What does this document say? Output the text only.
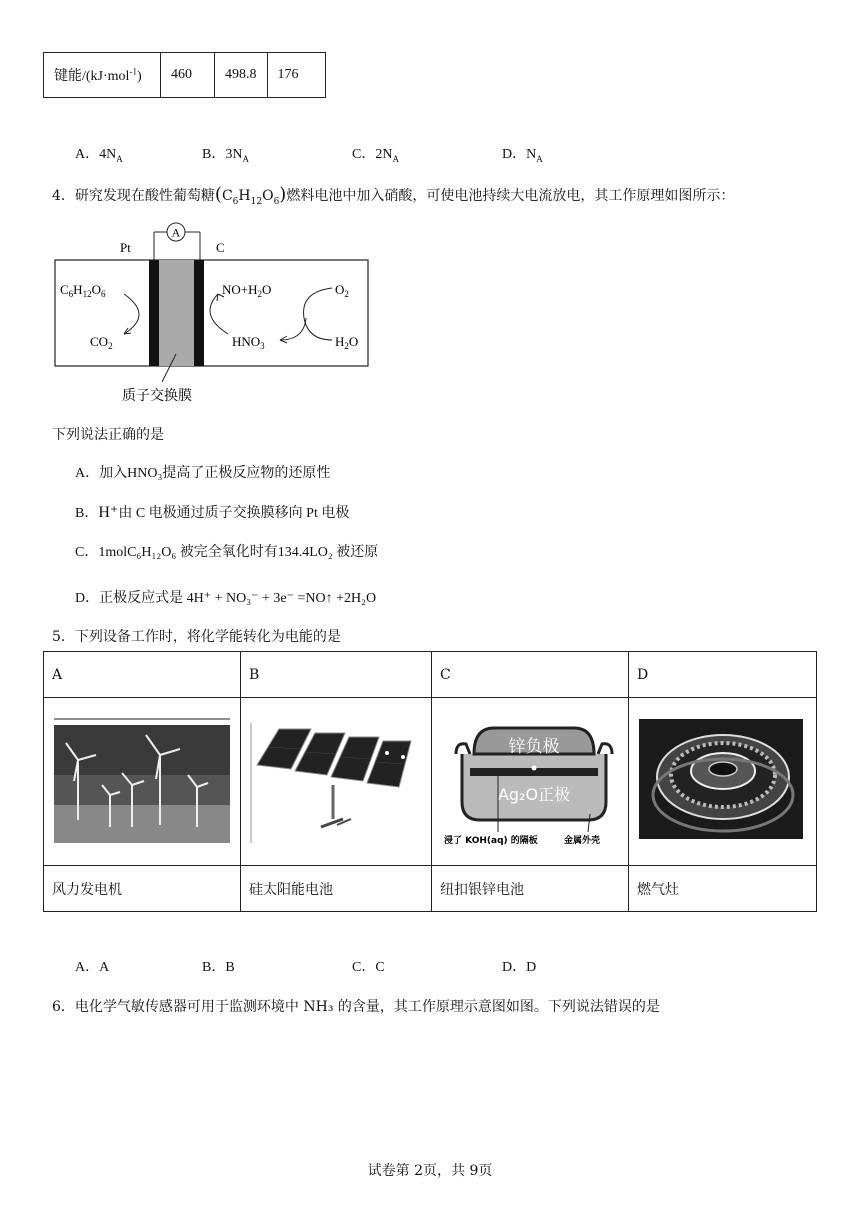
键能/(kJ·mol$^{-1}$)	460	498.8	176
A．$4N_A$	B．$3N_A$	C．$2N_A$	D．$N_A$
4．研究发现在酸性葡萄糖$(C_6H_{12}O_6)$燃料电池中加入硝酸，可使电池持续大电流放电，其工作原理如图所示：
A
Pt	C
$C_6H_{12}O_6$
$CO_2$
$NO+H_2O$
$HNO_3$
$O_2$
$H_2O$
质子交换膜
下列说法正确的是
A．加入HNO₃提高了正极反应物的还原性
B．H⁺由 C 电极通过质子交换膜移向 Pt 电极
C．1molC₆H₁₂O₆ 被完全氧化时有134.4LO₂ 被还原
D．正极反应式是 4H⁺ + NO₃⁻ + 3e⁻ =NO↑ +2H₂O
5．下列设备工作时，将化学能转化为电能的是
A	B	C	D

锌负极
Ag₂O正极
浸了 KOH(aq) 的隔板 金属外壳

风力发电机	硅太阳能电池	纽扣银锌电池	燃气灶
A．A	B．B	C．C	D．D
6．电化学气敏传感器可用于监测环境中 NH₃ 的含量，其工作原理示意图如图。下列说法错误的是
试卷第 2页，共 9页
